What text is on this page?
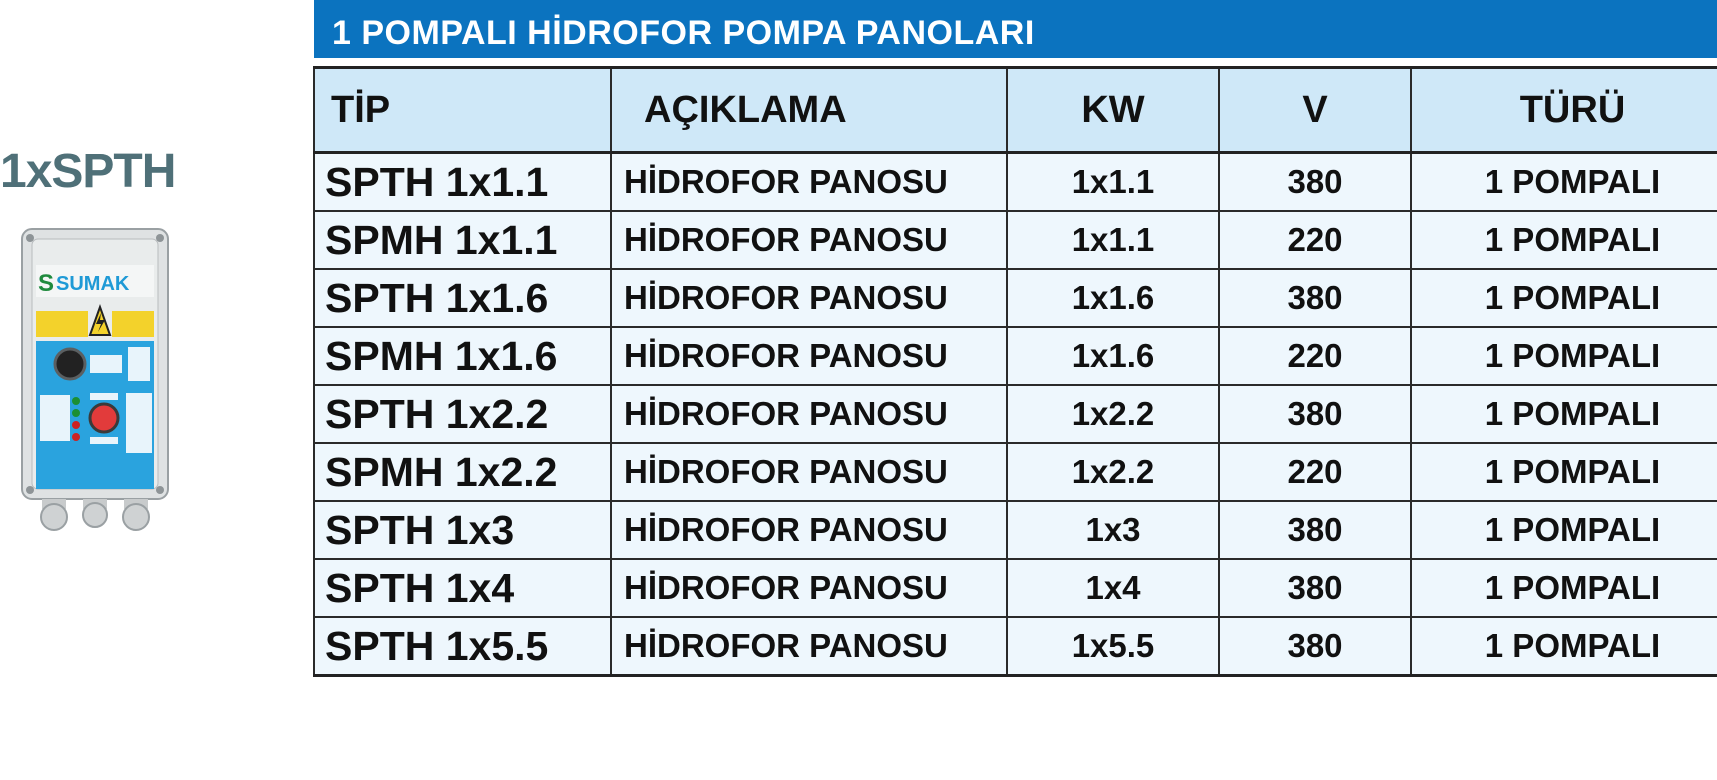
1xSPTH
S SUMAK
1 POMPALI HİDROFOR POMPA PANOLARI
TİP	AÇIKLAMA	KW	V	TÜRÜ
SPTH 1x1.1	HİDROFOR PANOSU	1x1.1	380	1 POMPALI
SPMH 1x1.1	HİDROFOR PANOSU	1x1.1	220	1 POMPALI
SPTH 1x1.6	HİDROFOR PANOSU	1x1.6	380	1 POMPALI
SPMH 1x1.6	HİDROFOR PANOSU	1x1.6	220	1 POMPALI
SPTH 1x2.2	HİDROFOR PANOSU	1x2.2	380	1 POMPALI
SPMH 1x2.2	HİDROFOR PANOSU	1x2.2	220	1 POMPALI
SPTH 1x3	HİDROFOR PANOSU	1x3	380	1 POMPALI
SPTH 1x4	HİDROFOR PANOSU	1x4	380	1 POMPALI
SPTH 1x5.5	HİDROFOR PANOSU	1x5.5	380	1 POMPALI
